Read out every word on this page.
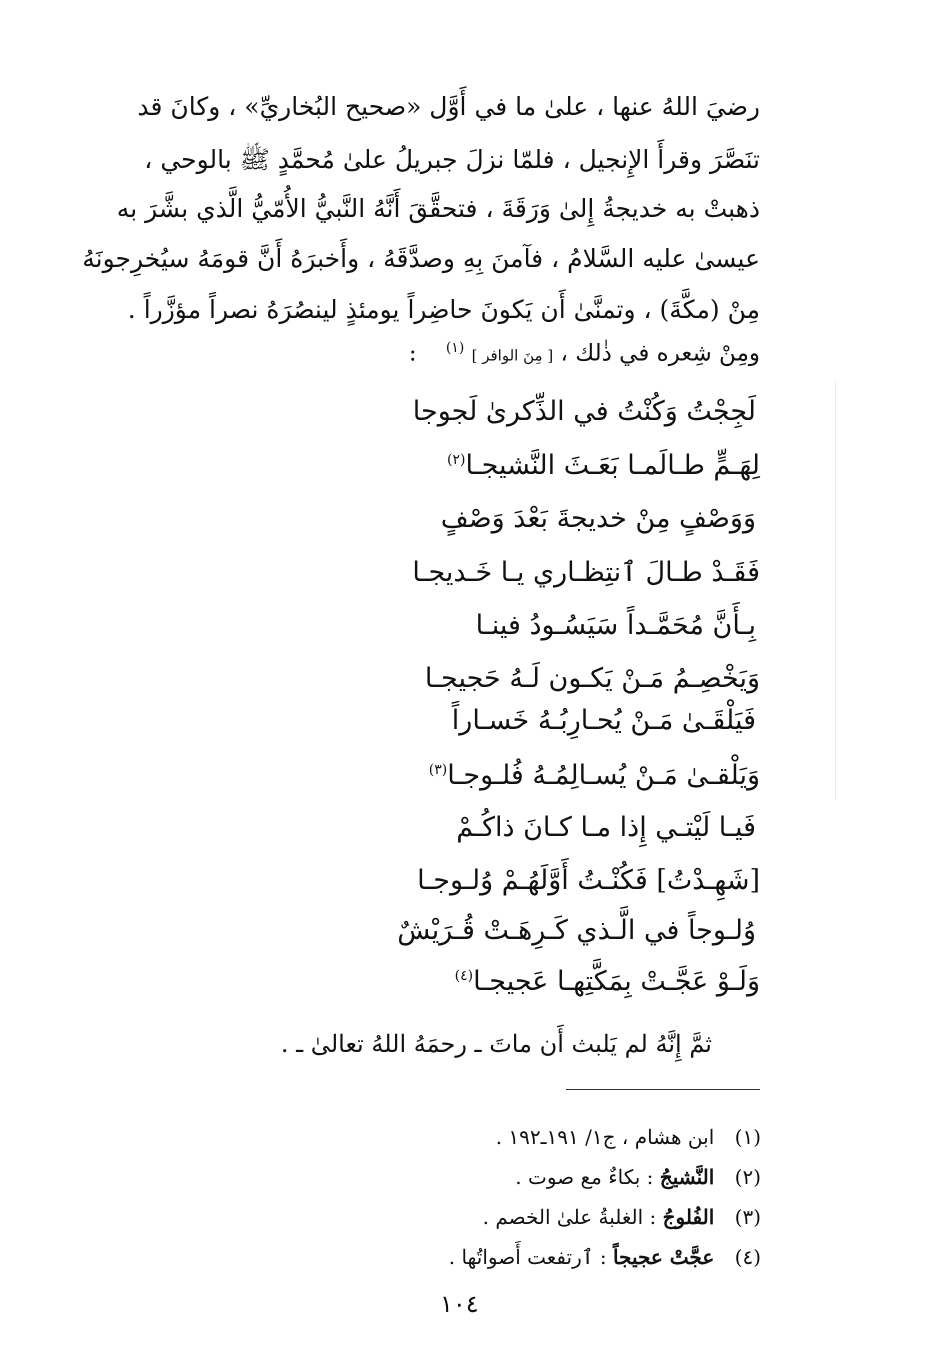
رضيَ اللهُ عنها ، علىٰ ما في أَوَّل «صحيح البُخاريِّ» ، وكانَ قد
تنَصَّرَ وقرأَ الإِنجيل ، فلمّا نزلَ جبريلُ علىٰ مُحمَّدٍ ﷺ بالوحي ،
ذهبتْ به خديجةُ إِلىٰ وَرَقَةَ ، فتحقَّقَ أَنَّهُ النَّبيُّ الأُمّيُّ الَّذي بشَّرَ به
عيسىٰ عليه السَّلامُ ، فآمنَ بِهِ وصدَّقَهُ ، وأَخبرَهُ أَنَّ قومَهُ سيُخرِجونَهُ
مِنْ (مكَّةَ) ، وتمنَّىٰ أَن يَكونَ حاضِراً يومئذٍ لينصُرَهُ نصراً مؤزَّراً .
ومِنْ شِعره في ذٰلك ، [ مِنَ الوافر ] $^{(١)}$    :
لَجِجْتُ وَكُنْتُ في الذِّكرىٰ لَجوجا
لِهَـمٍّ طـالَمـا بَعَـثَ النَّشيجـا$^{(٢)}$
وَوَصْفٍ مِنْ خديجةَ بَعْدَ وَصْفٍ
فَقَـدْ طـالَ ٱنتِظـاري يـا خَـديجـا
بِـأَنَّ مُحَمَّـداً سَيَسُـودُ فينـا
وَيَخْصِـمُ مَـنْ يَكـون لَـهُ حَجيجـا
فَيَلْقَـىٰ مَـنْ يُحـارِبُـهُ خَسـاراً
وَيَلْقـىٰ مَـنْ يُسـالِمُـهُ فُلـوجـا$^{(٣)}$
فَيـا لَيْتـي إِذا مـا كـانَ ذاكُـمْ
[شَهِـدْتُ] فَكُنْـتُ أَوَّلَهُـمْ وُلـوجـا
وُلـوجاً في الَّـذي كَـرِهَـتْ قُـرَيْشٌ
وَلَـوْ عَجَّـتْ بِمَكَّتِهـا عَجيجـا$^{(٤)}$
ثمَّ إِنَّهُ لم يَلبث أَن ماتَ ـ رحمَهُ اللهُ تعالىٰ ـ .
(١) ابن هشام ، ج١/ ١٩١ـ١٩٢ .
(٢) النَّشيجُ : بكاءٌ مع صوت .
(٣) الفُلوجُ : الغلبةُ علىٰ الخصم .
(٤) عجَّتْ عجيجاً : ٱرتفعت أَصواتُها .
١٠٤
